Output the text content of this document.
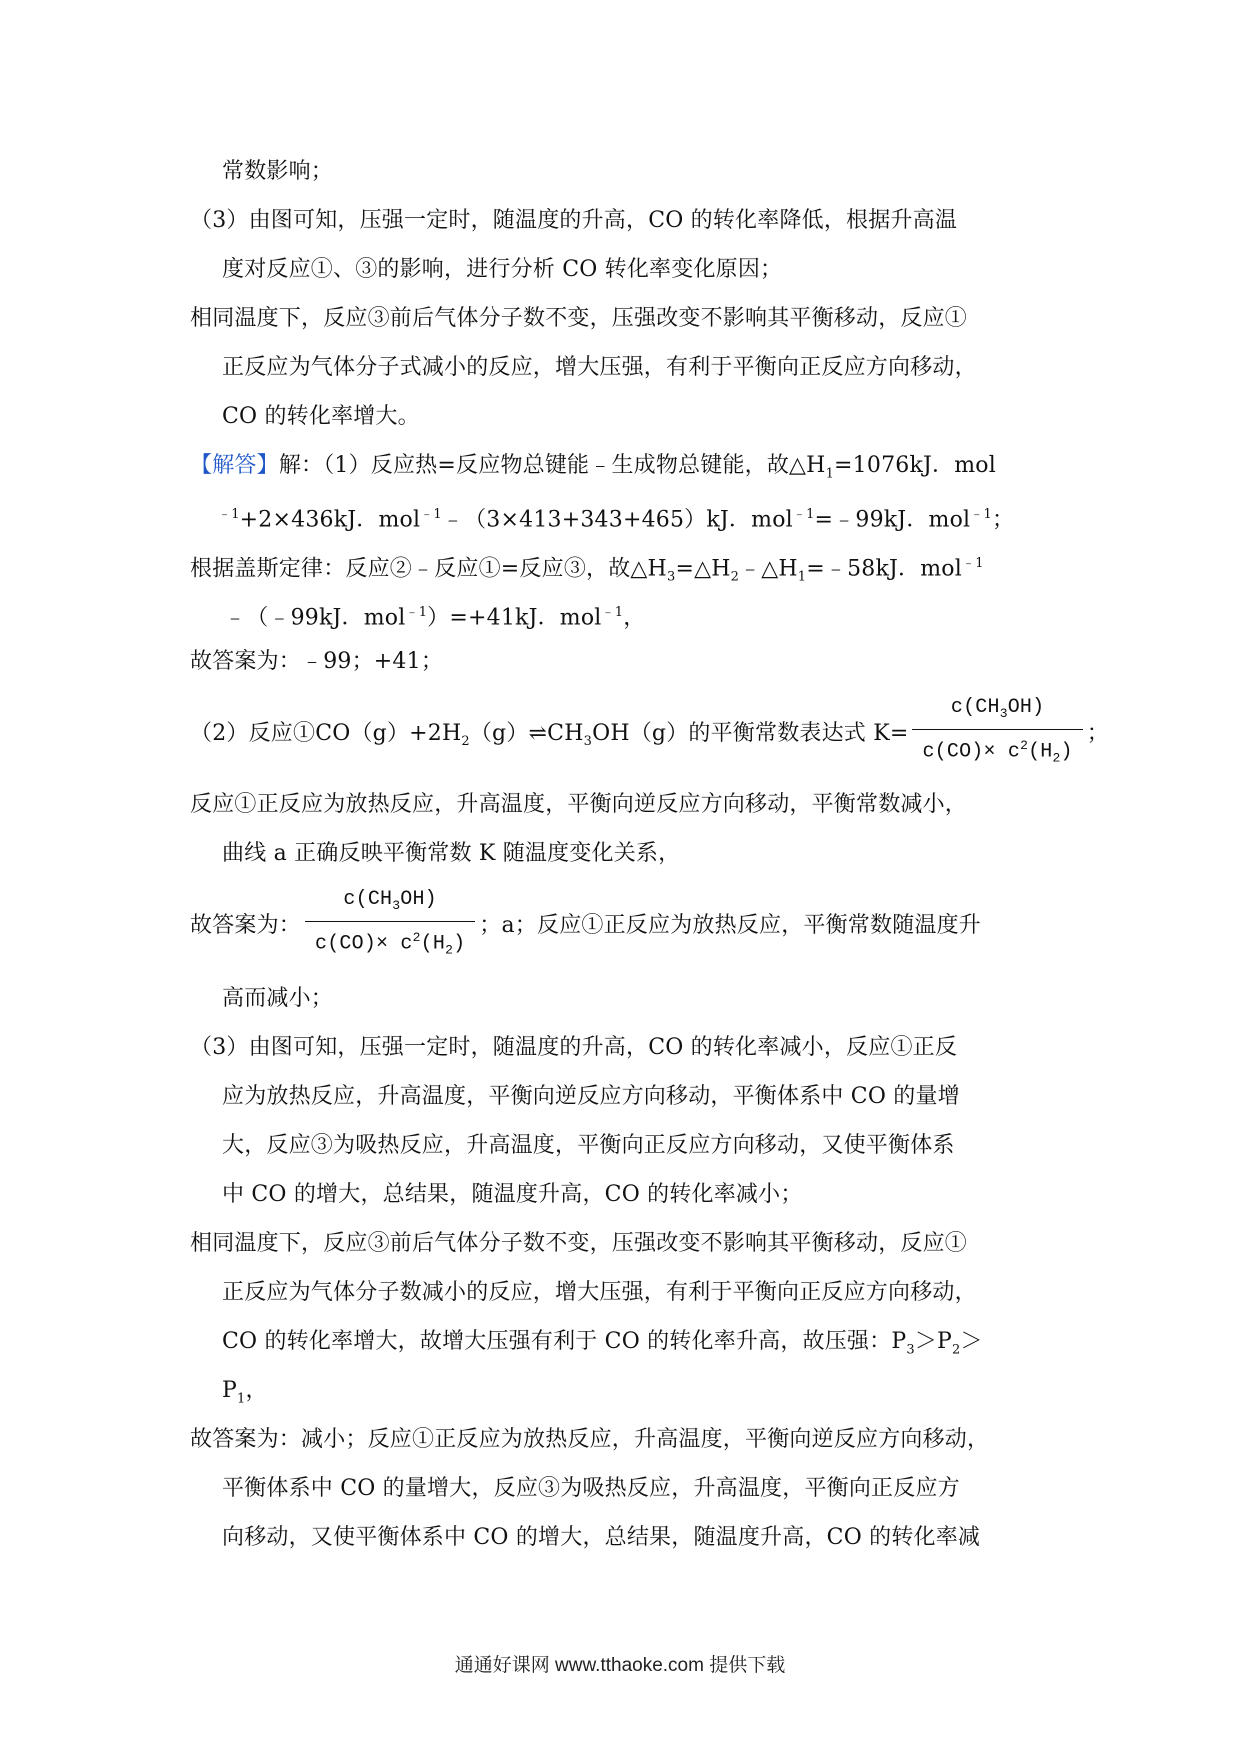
常数影响；
（3）由图可知，压强一定时，随温度的升高，CO 的转化率降低，根据升高温
度对反应①、③的影响，进行分析 CO 转化率变化原因；
相同温度下，反应③前后气体分子数不变，压强改变不影响其平衡移动，反应①
正反应为气体分子式减小的反应，增大压强，有利于平衡向正反应方向移动，
CO 的转化率增大。
【解答】解：（1）反应热=反应物总键能﹣生成物总键能，故$\triangle H_1=1076kJ$．mol
$^{﹣1}$+2×436kJ．mol$^{﹣1}$﹣（3×413+343+465）kJ．mol$^{﹣1}$=﹣99kJ．mol$^{﹣1}$；
根据盖斯定律：反应②﹣反应①=反应③，故$\triangle H_3=\triangle H_2﹣\triangle H_1=﹣58kJ$．mol$^{﹣1}$
﹣（﹣99kJ．mol$^{﹣1}$）=+41kJ．mol$^{﹣1}$，
故答案为：﹣99；+41；
（2）反应$①CO(g)+2H_2(g)\rightleftharpoons CH_3OH(g)$的平衡常数表达式 $K= \frac{c(CH_3OH)}{c(CO)\times c^2(H_2)}$ ；
反应①正反应为放热反应，升高温度，平衡向逆反应方向移动，平衡常数减小，
曲线 a 正确反映平衡常数 K 随温度变化关系，
故答案为： $\frac{c(CH_3OH)}{c(CO)\times c^2(H_2)}$ ；a；反应①正反应为放热反应，平衡常数随温度升
高而减小；
（3）由图可知，压强一定时，随温度的升高，CO 的转化率减小，反应①正反
应为放热反应，升高温度，平衡向逆反应方向移动，平衡体系中 CO 的量增
大，反应③为吸热反应，升高温度，平衡向正反应方向移动，又使平衡体系
中 CO 的增大，总结果，随温度升高，CO 的转化率减小；
相同温度下，反应③前后气体分子数不变，压强改变不影响其平衡移动，反应①
正反应为气体分子数减小的反应，增大压强，有利于平衡向正反应方向移动，
CO 的转化率增大，故增大压强有利于 CO 的转化率升高，故压强：$P_3>P_2>$
$P_1$，
故答案为：减小；反应①正反应为放热反应，升高温度，平衡向逆反应方向移动，
平衡体系中 CO 的量增大，反应③为吸热反应，升高温度，平衡向正反应方
向移动，又使平衡体系中 CO 的增大，总结果，随温度升高，CO 的转化率减
通通好课网 www.tthaoke.com 提供下载
